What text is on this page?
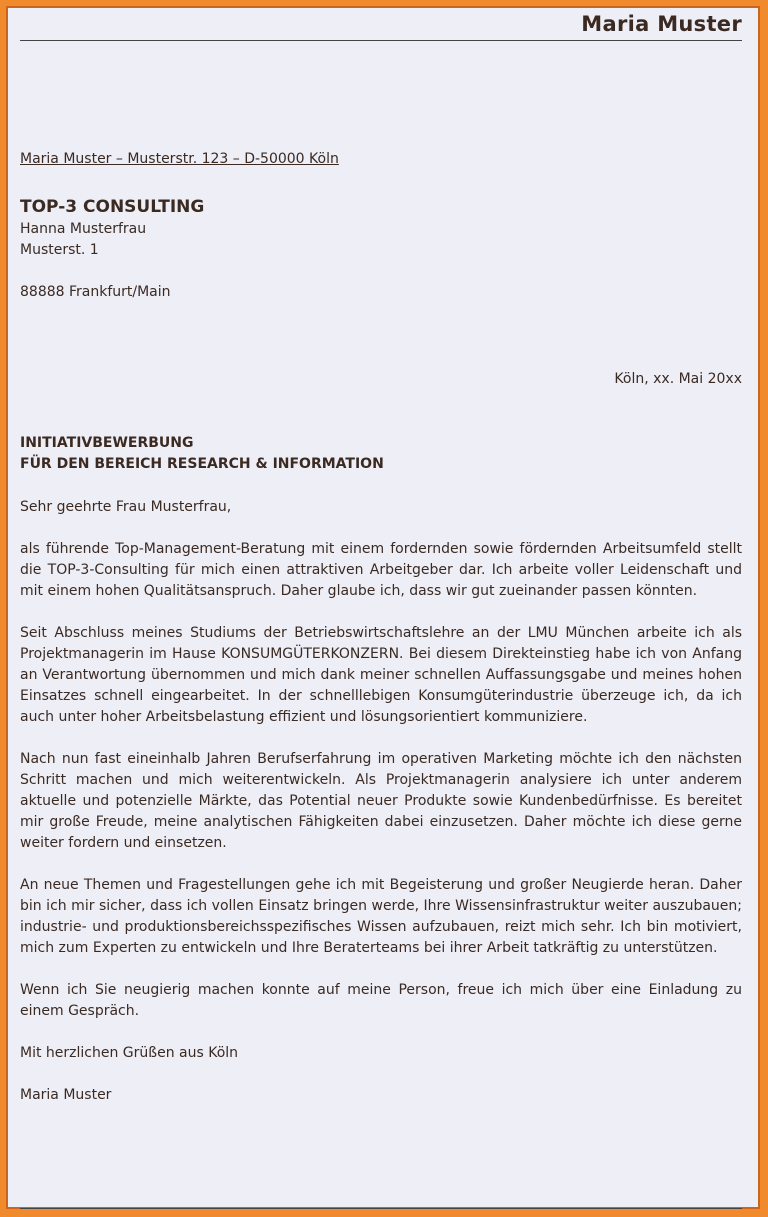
Maria Muster
Maria Muster – Musterstr. 123 – D-50000 Köln
TOP-3 CONSULTING
Hanna Musterfrau
Musterst. 1
88888 Frankfurt/Main
Köln, xx. Mai 20xx
INITIATIVBEWERBUNG
FÜR DEN BEREICH RESEARCH & INFORMATION

Sehr geehrte Frau Musterfrau,

als führende Top-Management-Beratung mit einem fordernden sowie fördernden Arbeitsumfeld stellt die TOP-3-Consulting für mich einen attraktiven Arbeitgeber dar. Ich arbeite voller Leidenschaft und mit einem hohen Qualitätsanspruch. Daher glaube ich, dass wir gut zueinander passen könnten.

Seit Abschluss meines Studiums der Betriebswirtschaftslehre an der LMU München arbeite ich als Projektmanagerin im Hause KONSUMGÜTERKONZERN. Bei diesem Direkteinstieg habe ich von Anfang an Verantwortung übernommen und mich dank meiner schnellen Auffassungsgabe und meines hohen Einsatzes schnell eingearbeitet. In der schnelllebigen Konsumgüterindustrie überzeuge ich, da ich auch unter hoher Arbeitsbelastung effizient und lösungsorientiert kommuniziere.

Nach nun fast eineinhalb Jahren Berufserfahrung im operativen Marketing möchte ich den nächsten Schritt machen und mich weiterentwickeln. Als Projektmanagerin analysiere ich unter anderem aktuelle und potenzielle Märkte, das Potential neuer Produkte sowie Kundenbedürfnisse. Es bereitet mir große Freude, meine analytischen Fähigkeiten dabei einzusetzen. Daher möchte ich diese gerne weiter fordern und einsetzen.

An neue Themen und Fragestellungen gehe ich mit Begeisterung und großer Neugierde heran. Daher bin ich mir sicher, dass ich vollen Einsatz bringen werde, Ihre Wissensinfrastruktur weiter auszubauen; industrie- und produktionsbereichsspezifisches Wissen aufzubauen, reizt mich sehr. Ich bin motiviert, mich zum Experten zu entwickeln und Ihre Beraterteams bei ihrer Arbeit tatkräftig zu unterstützen.

Wenn ich Sie neugierig machen konnte auf meine Person, freue ich mich über eine Einladung zu einem Gespräch.

Mit herzlichen Grüßen aus Köln

Maria Muster
